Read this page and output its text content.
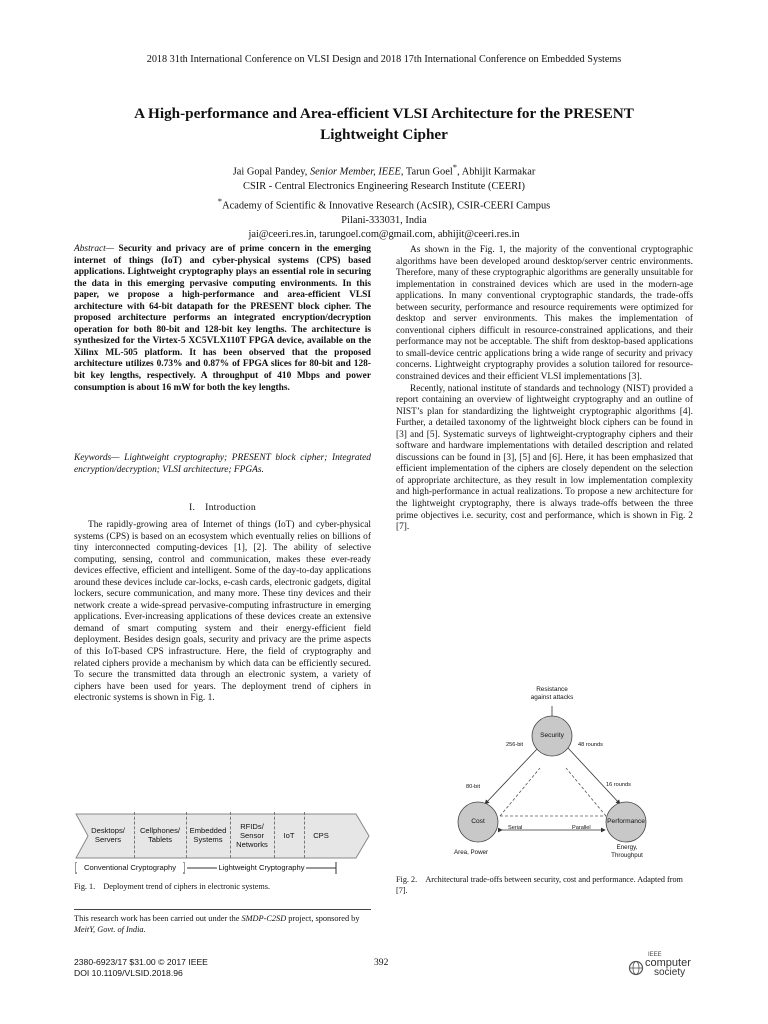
2018 31th International Conference on VLSI Design and 2018 17th International Conference on Embedded Systems
A High-performance and Area-efficient VLSI Architecture for the PRESENT
Lightweight Cipher
Jai Gopal Pandey, Senior Member, IEEE, Tarun Goel*, Abhijit Karmakar
CSIR - Central Electronics Engineering Research Institute (CEERI)
*Academy of Scientific & Innovative Research (AcSIR), CSIR-CEERI Campus
Pilani-333031, India
jai@ceeri.res.in, tarungoel.com@gmail.com, abhijit@ceeri.res.in

Abstract— Security and privacy are of prime concern in the emerging internet of things (IoT) and cyber-physical systems (CPS) based applications. Lightweight cryptography plays an essential role in securing the data in this emerging pervasive computing environments. In this paper, we propose a high-performance and area-efficient VLSI architecture with 64-bit datapath for the PRESENT block cipher. The proposed architecture performs an integrated encryption/decryption operation for both 80-bit and 128-bit key lengths. The architecture is synthesized for the Virtex-5 XC5VLX110T FPGA device, available on the Xilinx ML-505 platform. It has been observed that the proposed architecture utilizes 0.73% and 0.87% of FPGA slices for 80-bit and 128-bit key lengths, respectively. A throughput of 410 Mbps and power consumption is about 16 mW for both the key lengths.

Keywords— Lightweight cryptography; PRESENT block cipher; Integrated encryption/decryption; VLSI architecture; FPGAs.

I. Introduction

The rapidly-growing area of Internet of things (IoT) and cyber-physical systems (CPS) is based on an ecosystem which eventually relies on billions of tiny interconnected computing-devices [1], [2]. The ability of selective computing, sensing, control and communication, makes these ever-ready devices effective, efficient and intelligent. Some of the day-to-day applications around these devices include car-locks, e-cash cards, electronic gadgets, digital lockers, secure communication, and many more. These tiny devices and their network create a wide-spread pervasive-computing infrastructure in emerging applications. Ever-increasing applications of these devices create an extensive demand of smart computing system and their energy-efficient field deployment. Besides design goals, security and privacy are the prime aspects of this IoT-based CPS infrastructure. Here, the field of cryptography and related ciphers provide a mechanism by which data can be efficiently secured. To secure the transmitted data through an electronic system, a variety of ciphers have been used for years. The deployment trend of ciphers in electronic systems is shown in Fig. 1.

Desktops/
Servers
Cellphones/
Tablets
Embedded
Systems
RFIDs/
Sensor
Networks
IoT CPS
Conventional Cryptography	Lightweight Cryptography
Fig. 1. Deployment trend of ciphers in electronic systems.
This research work has been carried out under the SMDP-C2SD project, sponsored by MeitY, Govt. of India.

As shown in the Fig. 1, the majority of the conventional cryptographic algorithms have been developed around desktop/server centric environments. Therefore, many of these cryptographic algorithms are generally unsuitable for implementation in constrained devices which are used in the modern-age applications. In many conventional cryptographic standards, the trade-offs between security, performance and resource requirements were optimized for desktop and server environments. This makes the implementation of conventional ciphers difficult in resource-constrained applications, and their performance may not be acceptable. The shift from desktop-based applications to small-device centric applications bring a wide range of security and privacy concerns. Lightweight cryptography provides a solution tailored for resource-constrained devices and their efficient VLSI implementations [3].

Recently, national institute of standards and technology (NIST) provided a report containing an overview of lightweight cryptography and an outline of NIST’s plan for standardizing the lightweight cryptographic algorithms [4]. Further, a detailed taxonomy of the lightweight block ciphers can be found in [3] and [5]. Systematic surveys of lightweight-cryptography ciphers and their software and hardware implementations with detailed description and related discussions can be found in [3], [5] and [6]. Here, it has been emphasized that efficient implementation of the ciphers are closely dependent on the selection of appropriate architecture, as they result in low implementation complexity and high-performance in actual realizations. To propose a new architecture for the lightweight cryptography, there is always trade-offs between the three prime objectives i.e. security, cost and performance, which is shown in Fig. 2 [7].

Resistance
against attacks
Security
Cost	Performance
256-bit	48 rounds
16 rounds
80-bit
Serial	Parallel
Area, Power
Energy,
Throughput
Fig. 2. Architectural trade-offs between security, cost and performance. Adapted from [7].
2380-6923/17 $31.00 © 2017 IEEE
DOI 10.1109/VLSID.2018.96
392
IEEE
computer
society
